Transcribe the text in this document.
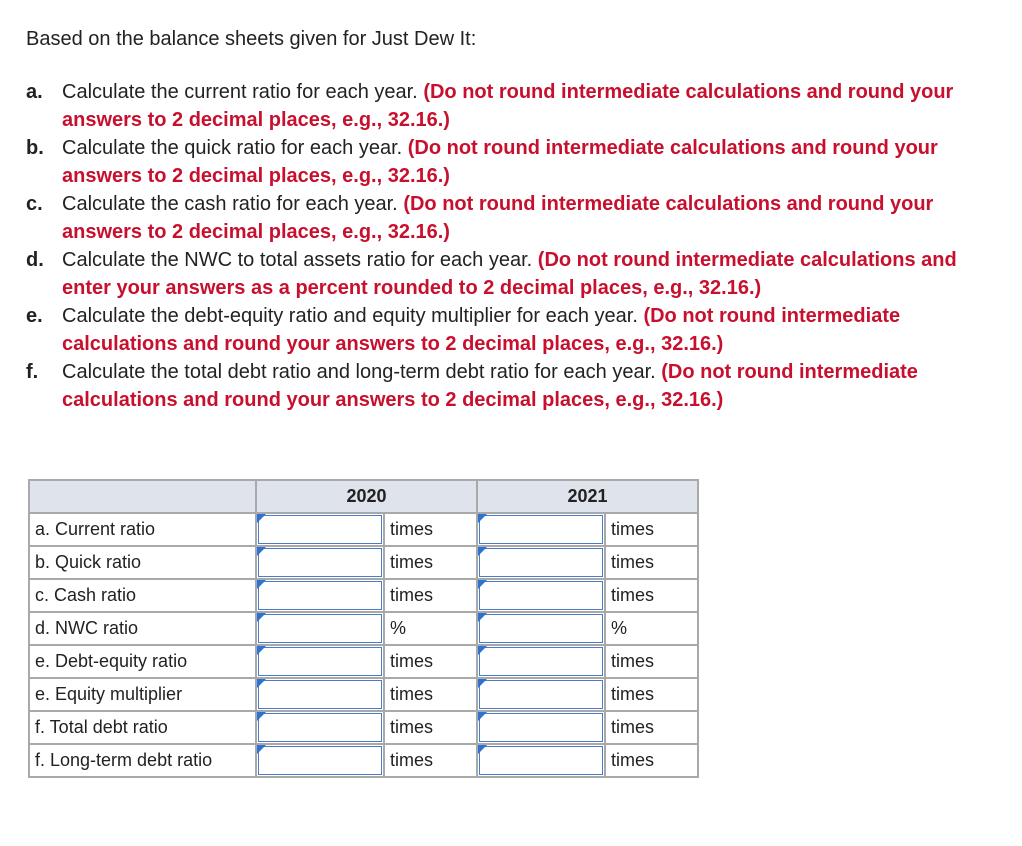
Based on the balance sheets given for Just Dew It:
a. Calculate the current ratio for each year. (Do not round intermediate calculations and round your answers to 2 decimal places, e.g., 32.16.)
b. Calculate the quick ratio for each year. (Do not round intermediate calculations and round your answers to 2 decimal places, e.g., 32.16.)
c. Calculate the cash ratio for each year. (Do not round intermediate calculations and round your answers to 2 decimal places, e.g., 32.16.)
d. Calculate the NWC to total assets ratio for each year. (Do not round intermediate calculations and enter your answers as a percent rounded to 2 decimal places, e.g., 32.16.)
e. Calculate the debt-equity ratio and equity multiplier for each year. (Do not round intermediate calculations and round your answers to 2 decimal places, e.g., 32.16.)
f.	Calculate the total debt ratio and long-term debt ratio for each year. (Do not round intermediate calculations and round your answers to 2 decimal places, e.g., 32.16.)
	2020		2021	
a. Current ratio		times		times
b. Quick ratio		times		times
c. Cash ratio		times		times
d. NWC ratio		%		%
e. Debt-equity ratio		times		times
e. Equity multiplier		times		times
f. Total debt ratio		times		times
f. Long-term debt ratio		times		times
